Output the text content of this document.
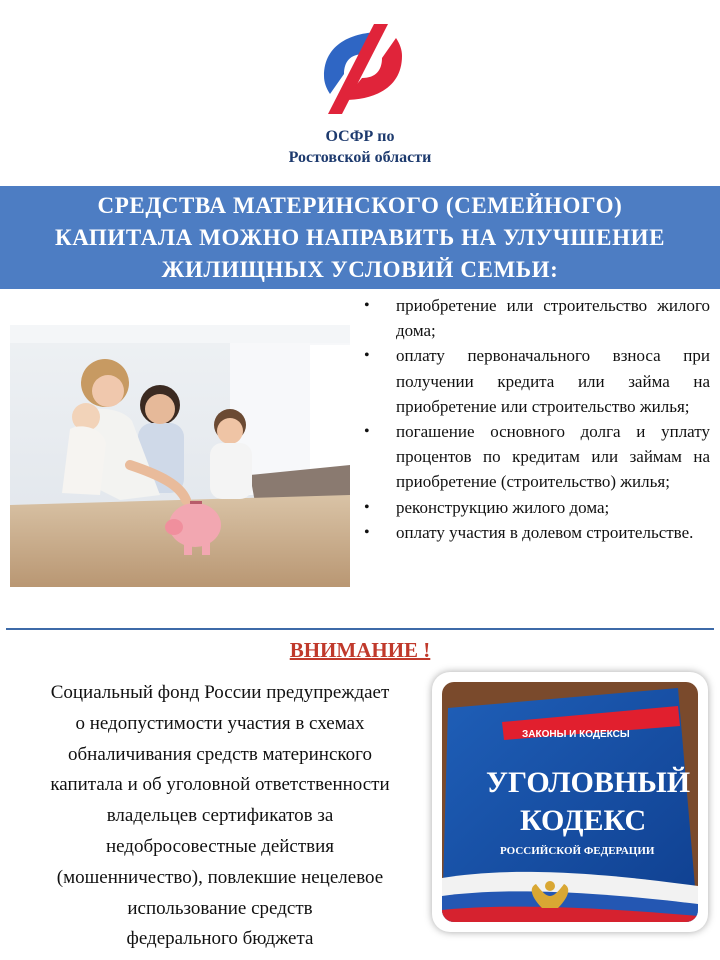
ОСФР по
Ростовской области
СРЕДСТВА МАТЕРИНСКОГО (СЕМЕЙНОГО)
КАПИТАЛА МОЖНО НАПРАВИТЬ НА УЛУЧШЕНИЕ
ЖИЛИЩНЫХ УСЛОВИЙ СЕМЬИ:
• приобретение или строительство жилого дома;
• оплату первоначального взноса при получении кредита или займа на приобретение или строительство жилья;
• погашение основного долга и уплату процентов по кредитам или займам на приобретение (строительство) жилья;
• реконструкцию жилого дома;
• оплату участия в долевом строительстве.
ВНИМАНИЕ !
Социальный фонд России предупреждает
о недопустимости участия в схемах
обналичивания средств материнского
капитала и об уголовной ответственности
владельцев сертификатов за
недобросовестные действия
(мошенничество), повлекшие нецелевое
использование средств
федерального бюджета
ЗАКОНЫ И КОДЕКСЫ
УГОЛОВНЫЙ
КОДЕКС
РОССИЙСКОЙ ФЕДЕРАЦИИ
